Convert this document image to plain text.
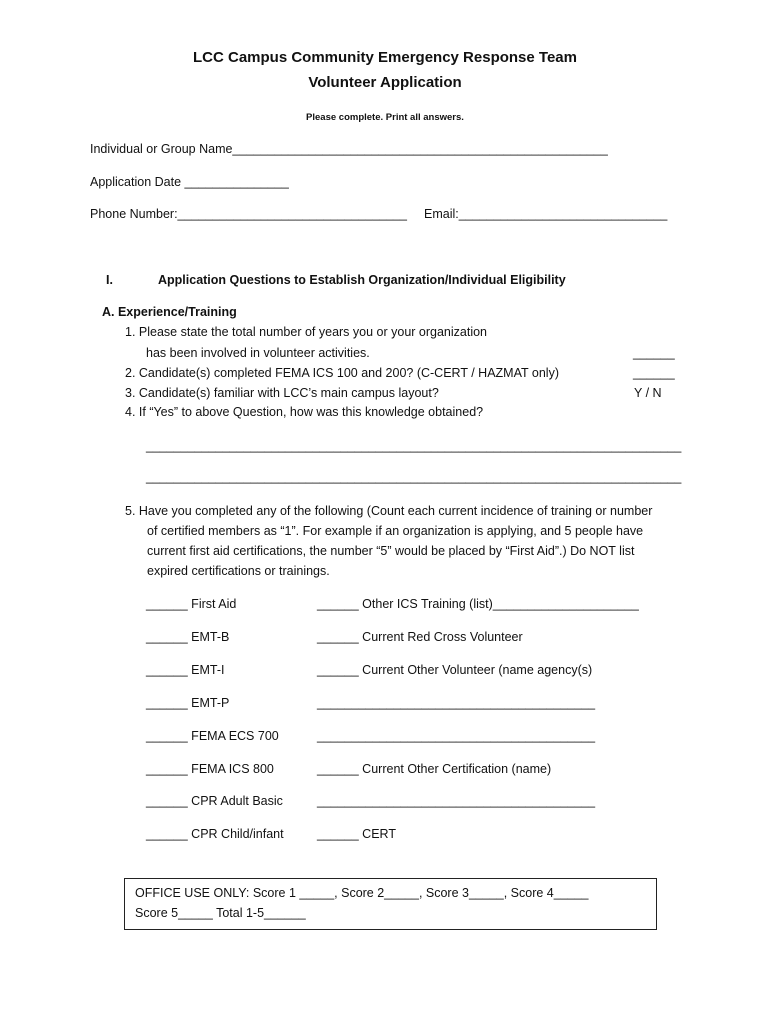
LCC Campus Community Emergency Response Team
Volunteer Application
Please complete. Print all answers.
Individual or Group Name______________________________________________________
Application Date _______________
Phone Number:_________________________________ Email:______________________________
I.	Application Questions to Establish Organization/Individual Eligibility
A. Experience/Training
1. Please state the total number of years you or your organization
has been involved in volunteer activities.	______
2. Candidate(s) completed FEMA ICS 100 and 200? (C-CERT / HAZMAT only)	______
3. Candidate(s) familiar with LCC’s main campus layout?	Y / N
4. If “Yes” to above Question, how was this knowledge obtained?
_____________________________________________________________________________
_____________________________________________________________________________
5. Have you completed any of the following (Count each current incidence of training or number
of certified members as “1”. For example if an organization is applying, and 5 people have
current first aid certifications, the number “5” would be placed by “First Aid”.) Do NOT list
expired certifications or trainings.
______ First Aid
______ EMT-B
______ EMT-I
______ EMT-P
______ FEMA ECS 700
______ FEMA ICS 800
______ CPR Adult Basic
______ CPR Child/infant
______ Other ICS Training (list)_____________________
______ Current Red Cross Volunteer
______ Current Other Volunteer (name agency(s)
________________________________________
________________________________________
______ Current Other Certification (name)
________________________________________
______ CERT
OFFICE USE ONLY: Score 1 _____, Score 2_____, Score 3_____, Score 4_____
Score 5_____ Total 1-5______
